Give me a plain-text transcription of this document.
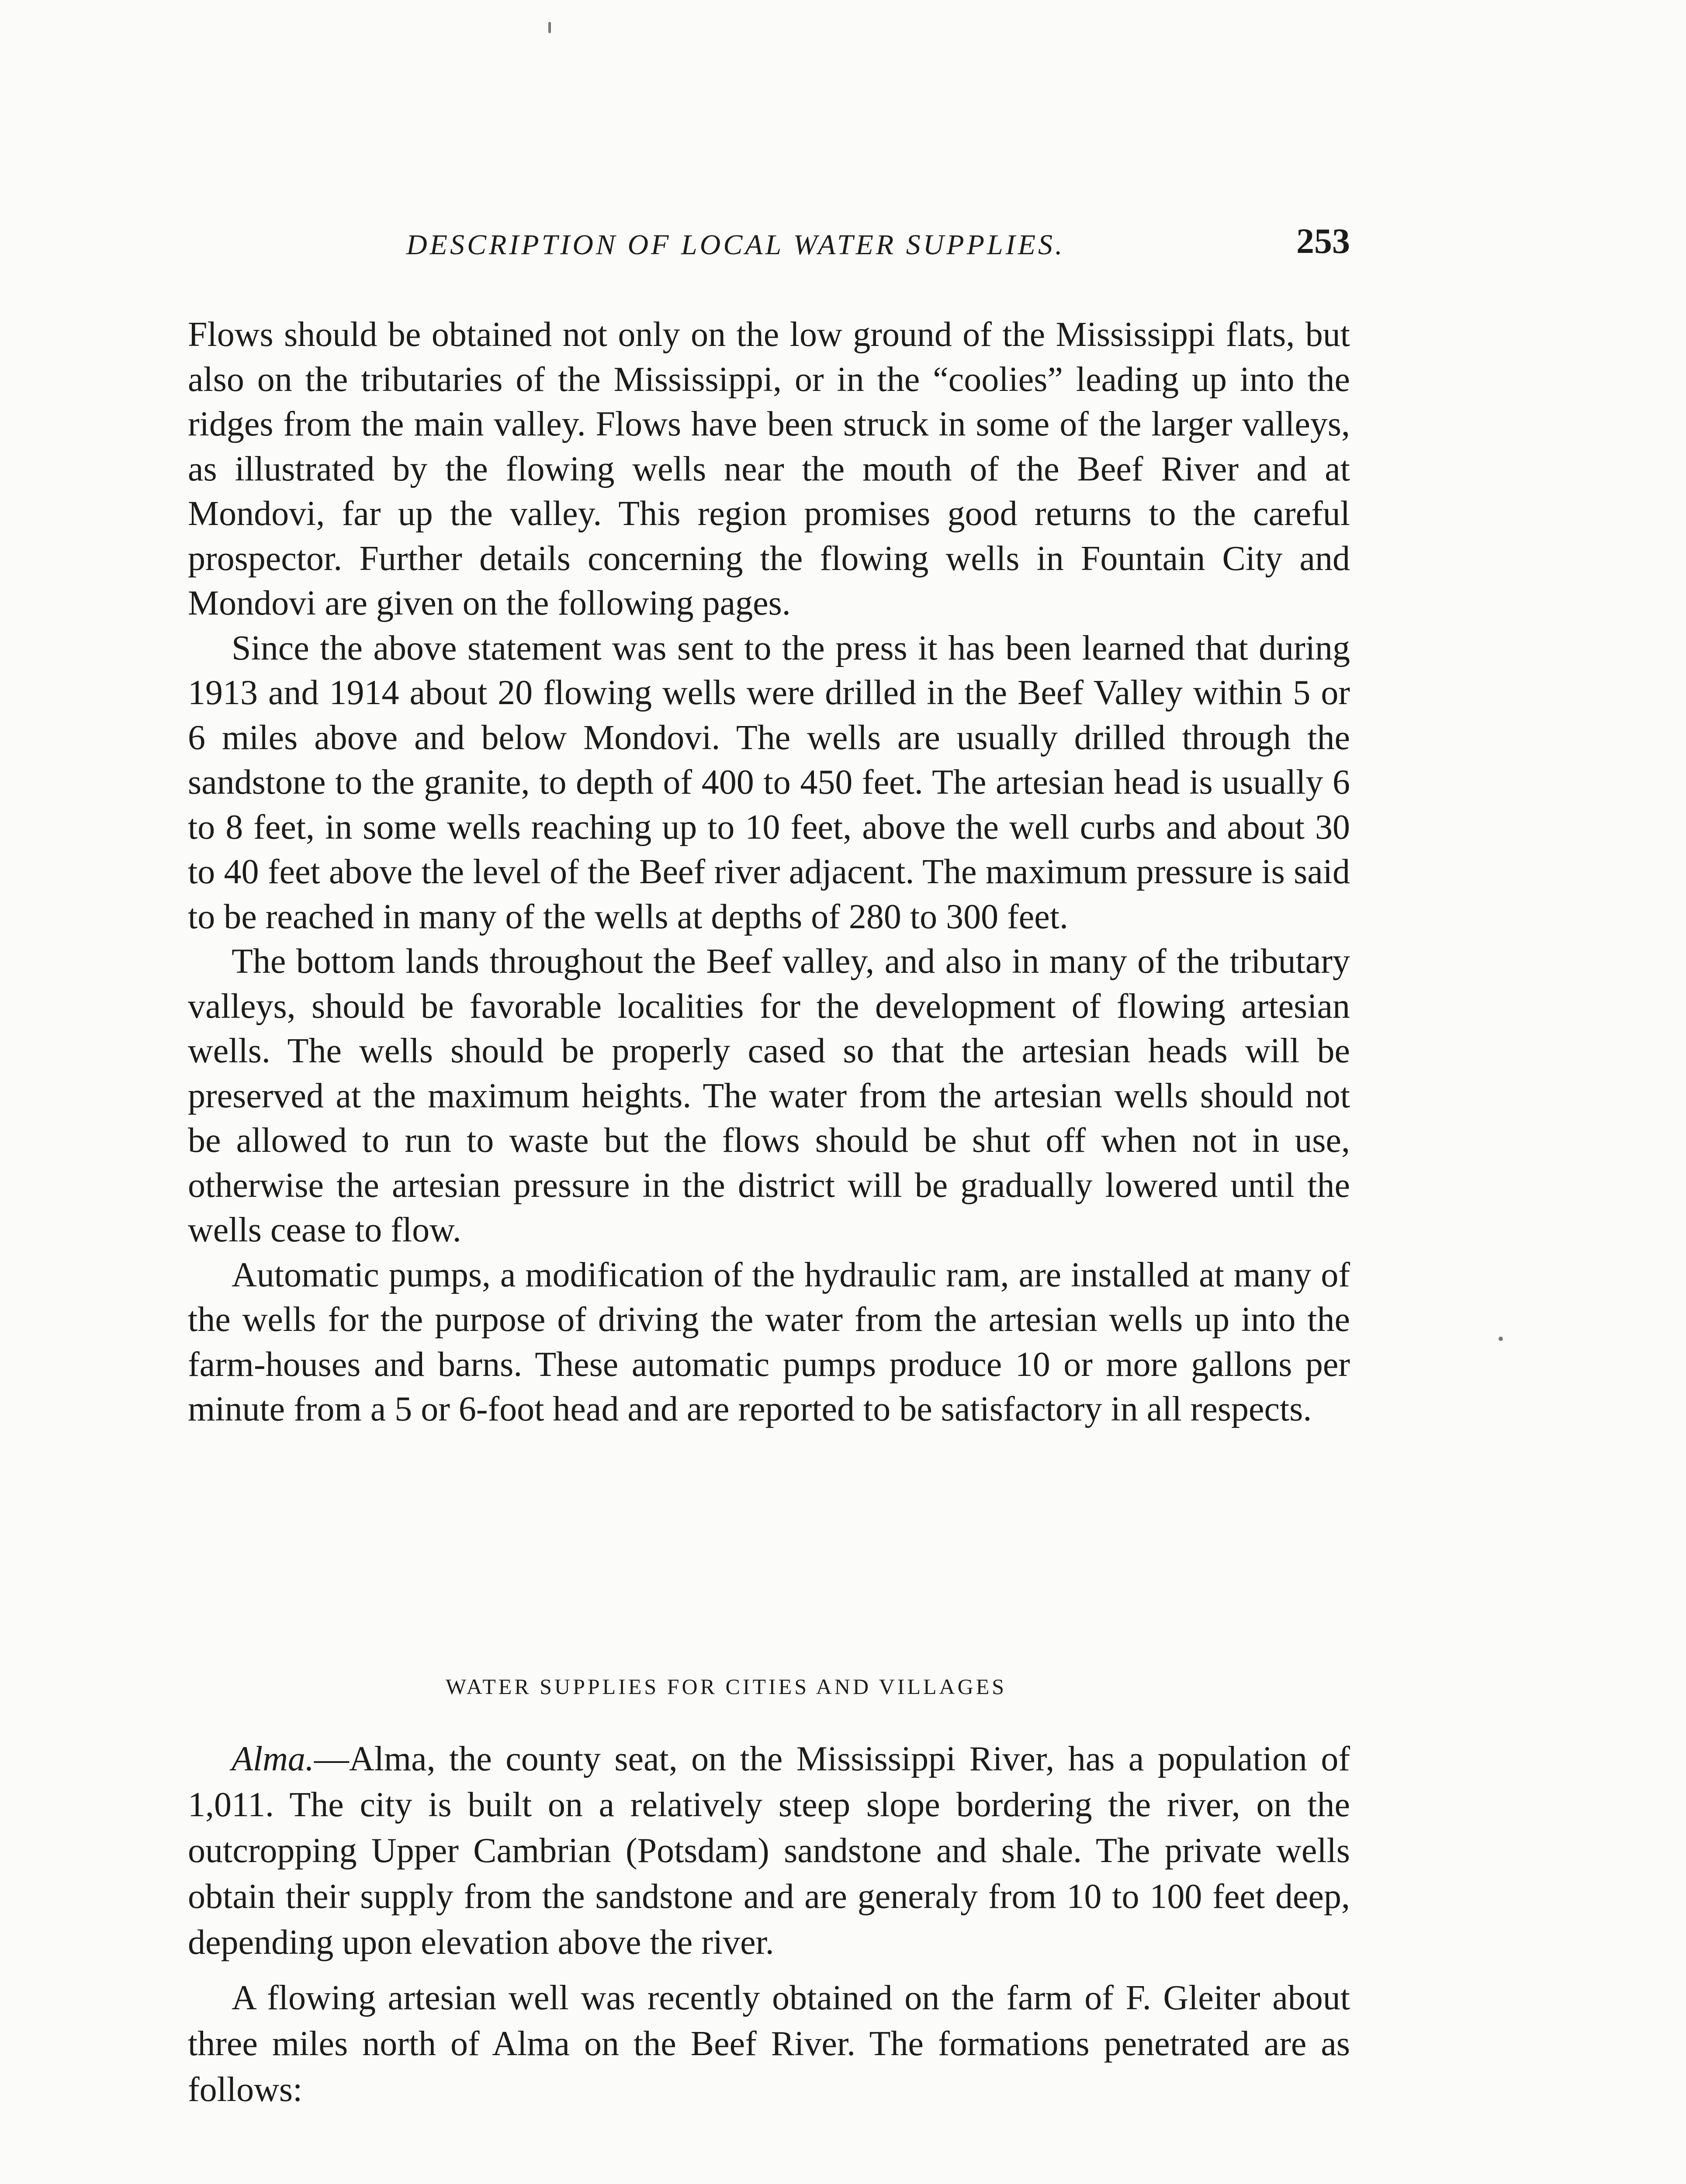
DESCRIPTION OF LOCAL WATER SUPPLIES.	253

Flows should be obtained not only on the low ground of the Mississippi flats, but also on the tributaries of the Mississippi, or in the “coolies” leading up into the ridges from the main valley. Flows have been struck in some of the larger valleys, as illustrated by the flowing wells near the mouth of the Beef River and at Mondovi, far up the valley. This region promises good returns to the careful prospector. Further details concerning the flowing wells in Fountain City and Mondovi are given on the following pages.

Since the above statement was sent to the press it has been learned that during 1913 and 1914 about 20 flowing wells were drilled in the Beef Valley within 5 or 6 miles above and below Mondovi. The wells are usually drilled through the sandstone to the granite, to depth of 400 to 450 feet. The artesian head is usually 6 to 8 feet, in some wells reaching up to 10 feet, above the well curbs and about 30 to 40 feet above the level of the Beef river adjacent. The maximum pressure is said to be reached in many of the wells at depths of 280 to 300 feet.

The bottom lands throughout the Beef valley, and also in many of the tributary valleys, should be favorable localities for the development of flowing artesian wells. The wells should be properly cased so that the artesian heads will be preserved at the maximum heights. The water from the artesian wells should not be allowed to run to waste but the flows should be shut off when not in use, otherwise the artesian pressure in the district will be gradually lowered until the wells cease to flow.

Automatic pumps, a modification of the hydraulic ram, are installed at many of the wells for the purpose of driving the water from the artesian wells up into the farm-houses and barns. These automatic pumps produce 10 or more gallons per minute from a 5 or 6-foot head and are reported to be satisfactory in all respects.

WATER SUPPLIES FOR CITIES AND VILLAGES

Alma.—Alma, the county seat, on the Mississippi River, has a population of 1,011. The city is built on a relatively steep slope bordering the river, on the outcropping Upper Cambrian (Potsdam) sandstone and shale. The private wells obtain their supply from the sandstone and are generaly from 10 to 100 feet deep, depending upon elevation above the river.

A flowing artesian well was recently obtained on the farm of F. Gleiter about three miles north of Alma on the Beef River. The formations penetrated are as follows:
